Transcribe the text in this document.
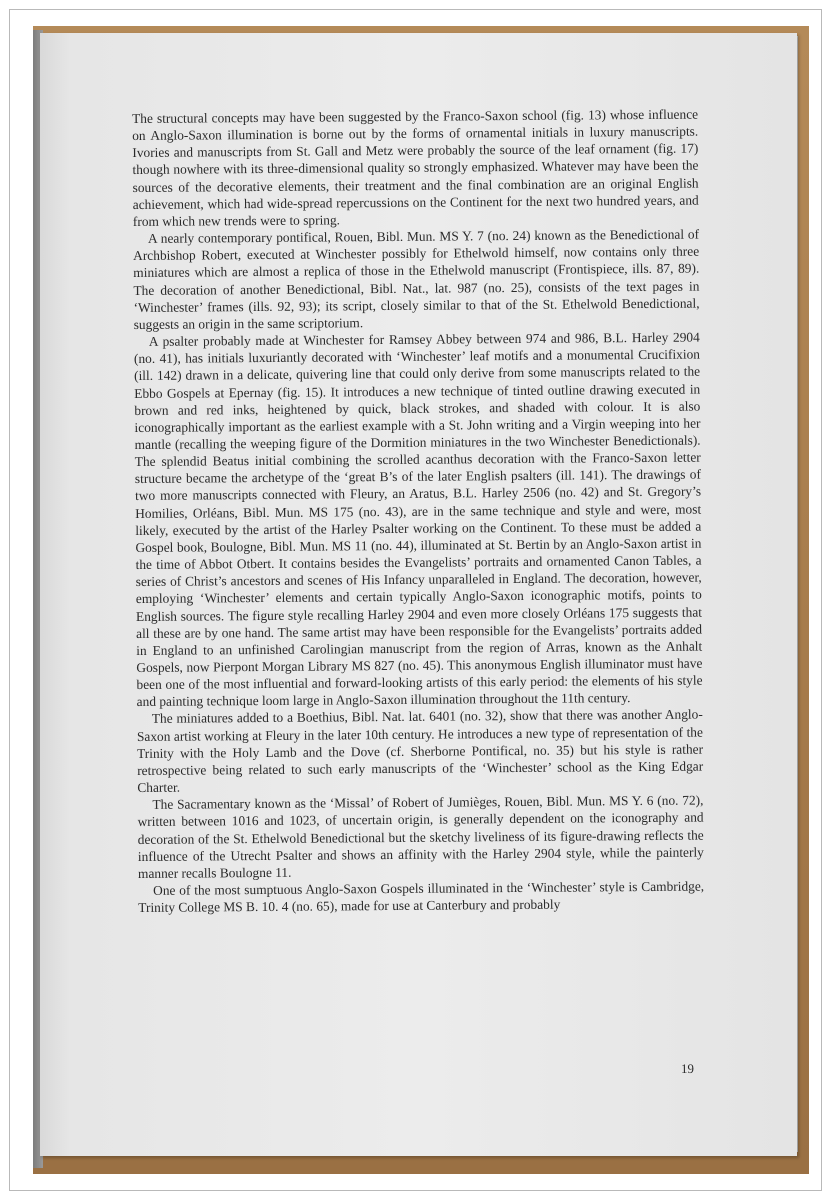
The structural concepts may have been suggested by the Franco-Saxon school (fig. 13) whose influence on Anglo-Saxon illumination is borne out by the forms of ornamental initials in luxury manuscripts. Ivories and manuscripts from St. Gall and Metz were probably the source of the leaf ornament (fig. 17) though nowhere with its three-dimensional quality so strongly emphasized. Whatever may have been the sources of the decorative elements, their treatment and the final combination are an original English achievement, which had wide-spread repercussions on the Continent for the next two hundred years, and from which new trends were to spring.

A nearly contemporary pontifical, Rouen, Bibl. Mun. MS Y. 7 (no. 24) known as the Benedictional of Archbishop Robert, executed at Winchester possibly for Ethelwold himself, now contains only three miniatures which are almost a replica of those in the Ethelwold manuscript (Frontispiece, ills. 87, 89). The decoration of another Benedictional, Bibl. Nat., lat. 987 (no. 25), consists of the text pages in ‘Winchester’ frames (ills. 92, 93); its script, closely similar to that of the St. Ethelwold Benedictional, suggests an origin in the same scriptorium.

A psalter probably made at Winchester for Ramsey Abbey between 974 and 986, B.L. Harley 2904 (no. 41), has initials luxuriantly decorated with ‘Winchester’ leaf motifs and a monumental Crucifixion (ill. 142) drawn in a delicate, quivering line that could only derive from some manuscripts related to the Ebbo Gospels at Epernay (fig. 15). It introduces a new technique of tinted outline drawing executed in brown and red inks, heightened by quick, black strokes, and shaded with colour. It is also iconographically important as the earliest example with a St. John writing and a Virgin weeping into her mantle (recalling the weeping figure of the Dormition miniatures in the two Winchester Benedictionals). The splendid Beatus initial combining the scrolled acanthus decoration with the Franco-Saxon letter structure became the archetype of the ‘great B’s of the later English psalters (ill. 141). The drawings of two more manuscripts connected with Fleury, an Aratus, B.L. Harley 2506 (no. 42) and St. Gregory’s Homilies, Orléans, Bibl. Mun. MS 175 (no. 43), are in the same technique and style and were, most likely, executed by the artist of the Harley Psalter working on the Continent. To these must be added a Gospel book, Boulogne, Bibl. Mun. MS 11 (no. 44), illuminated at St. Bertin by an Anglo-Saxon artist in the time of Abbot Otbert. It contains besides the Evangelists’ portraits and ornamented Canon Tables, a series of Christ’s ancestors and scenes of His Infancy unparalleled in England. The decoration, however, employing ‘Winchester’ elements and certain typically Anglo-Saxon iconographic motifs, points to English sources. The figure style recalling Harley 2904 and even more closely Orléans 175 suggests that all these are by one hand. The same artist may have been responsible for the Evangelists’ portraits added in England to an unfinished Carolingian manuscript from the region of Arras, known as the Anhalt Gospels, now Pierpont Morgan Library MS 827 (no. 45). This anonymous English illuminator must have been one of the most influential and forward-looking artists of this early period: the elements of his style and painting technique loom large in Anglo-Saxon illumination throughout the 11th century.

The miniatures added to a Boethius, Bibl. Nat. lat. 6401 (no. 32), show that there was another Anglo-Saxon artist working at Fleury in the later 10th century. He introduces a new type of representation of the Trinity with the Holy Lamb and the Dove (cf. Sherborne Pontifical, no. 35) but his style is rather retrospective being related to such early manuscripts of the ‘Winchester’ school as the King Edgar Charter.

The Sacramentary known as the ‘Missal’ of Robert of Jumièges, Rouen, Bibl. Mun. MS Y. 6 (no. 72), written between 1016 and 1023, of uncertain origin, is generally dependent on the iconography and decoration of the St. Ethelwold Benedictional but the sketchy liveliness of its figure-drawing reflects the influence of the Utrecht Psalter and shows an affinity with the Harley 2904 style, while the painterly manner recalls Boulogne 11.

One of the most sumptuous Anglo-Saxon Gospels illuminated in the ‘Winchester’ style is Cambridge, Trinity College MS B. 10. 4 (no. 65), made for use at Canterbury and probably

19
